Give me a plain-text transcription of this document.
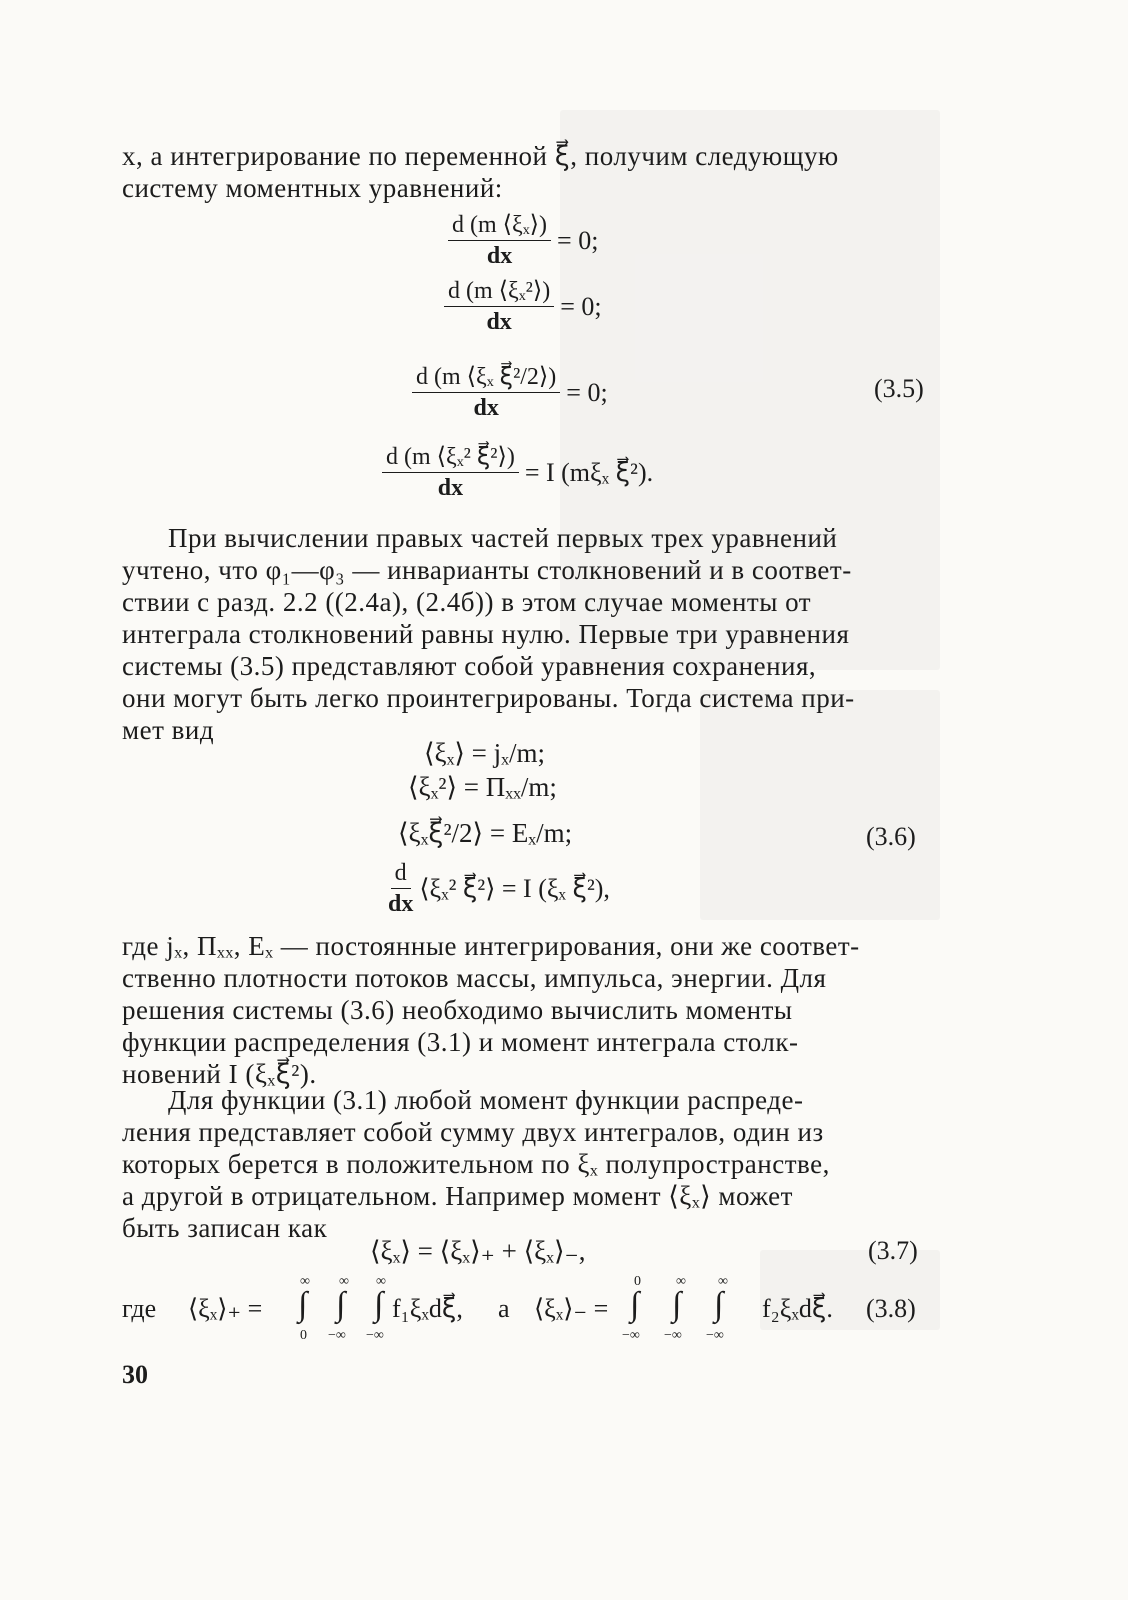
x, а интегрирование по переменной ξ⃗, получим следующую
систему моментных уравнений:
$\frac{\text{d (m ⟨ξₓ⟩)}}{dx} = 0$;
$\frac{\text{d (m ⟨ξₓ²⟩)}}{dx} = 0$;
$\frac{\text{d (m ⟨ξₓ ξ⃗²/2⟩)}}{dx} = 0$;	(3.5)
$\frac{\text{d (m ⟨ξₓ² ξ⃗²⟩)}}{dx} = I$ (mξₓ ξ⃗²).
При вычислении правых частей первых трех уравнений
учтено, что φ₁—φ₃ — инварианты столкновений и в соответ-
ствии с разд. 2.2 ((2.4а), (2.4б)) в этом случае моменты от
интеграла столкновений равны нулю. Первые три уравнения
системы (3.5) представляют собой уравнения сохранения,
они могут быть легко проинтегрированы. Тогда система при-
мет вид
⟨ξₓ⟩ = jₓ/m;
⟨ξₓ²⟩ = Πₓₓ/m;
⟨ξₓξ⃗²/2⟩ = Eₓ/m;	(3.6)
$\frac{d}{dx}$ ⟨ξₓ² ξ⃗²⟩ = I (ξₓ ξ⃗²),
где jₓ, Πₓₓ, Eₓ — постоянные интегрирования, они же соответ-
ственно плотности потоков массы, импульса, энергии. Для
решения системы (3.6) необходимо вычислить моменты
функции распределения (3.1) и момент интеграла столк-
новений I (ξₓξ⃗²).
Для функции (3.1) любой момент функции распреде-
ления представляет собой сумму двух интегралов, один из
которых берется в положительном по ξₓ полупространстве,
а другой в отрицательном. Например момент ⟨ξₓ⟩ может
быть записан как
⟨ξₓ⟩ = ⟨ξₓ⟩₊ + ⟨ξₓ⟩₋,	(3.7)
где ⟨ξₓ⟩₊ = ∫ ∫ ∫
∞ ∞ ∞
0 −∞ −∞
f₁ξₓdξ⃗, а ⟨ξₓ⟩₋ = ∫ ∫ ∫
0	∞ ∞
−∞ −∞ −∞
f₂ξₓdξ⃗. (3.8)
30
